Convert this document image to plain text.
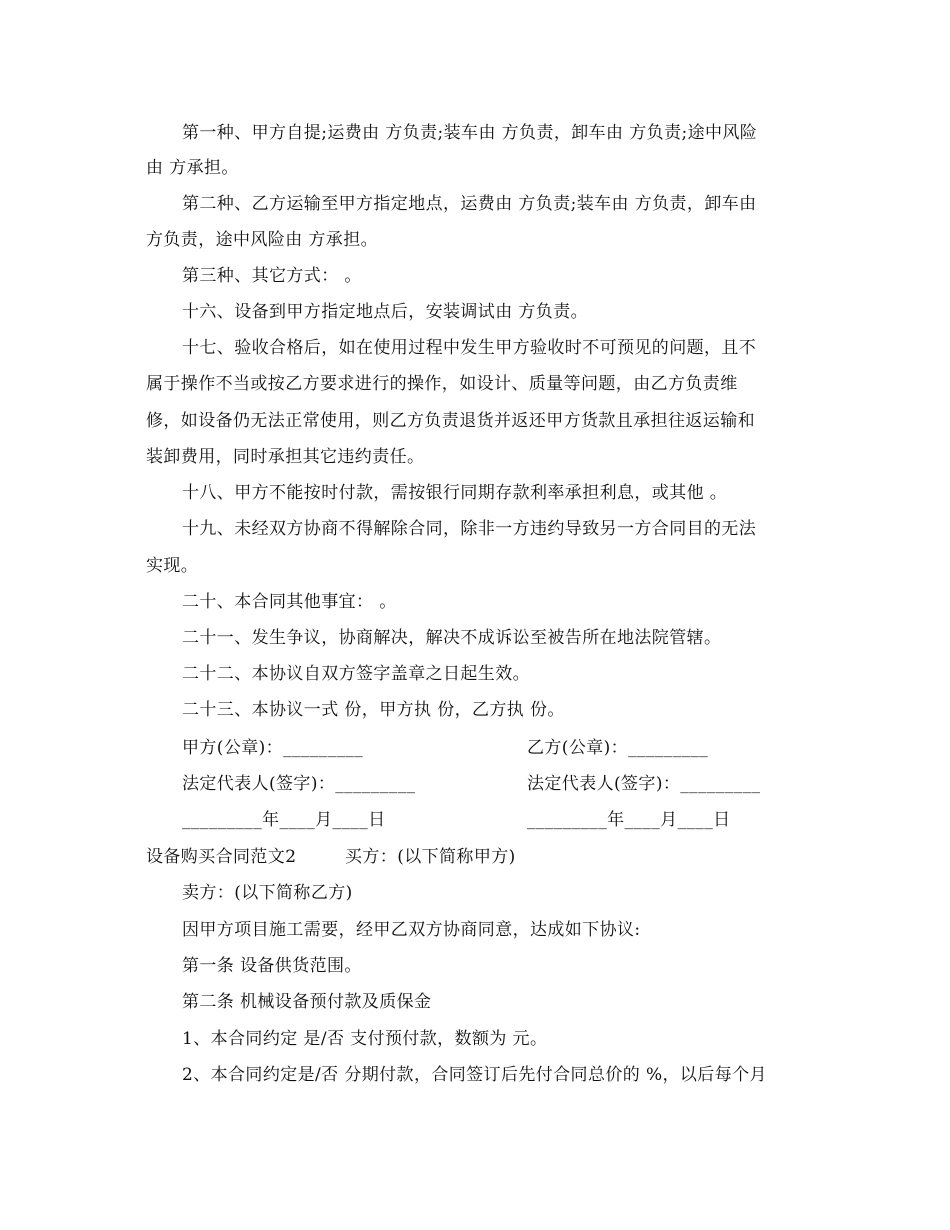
第一种、甲方自提;运费由 方负责;装车由 方负责，卸车由 方负责;途中风险
由 方承担。
第二种、乙方运输至甲方指定地点，运费由 方负责;装车由 方负责，卸车由
方负责，途中风险由 方承担。
第三种、其它方式： 。
十六、设备到甲方指定地点后，安装调试由 方负责。
十七、验收合格后，如在使用过程中发生甲方验收时不可预见的问题，且不
属于操作不当或按乙方要求进行的操作，如设计、质量等问题，由乙方负责维
修，如设备仍无法正常使用，则乙方负责退货并返还甲方货款且承担往返运输和
装卸费用，同时承担其它违约责任。
十八、甲方不能按时付款，需按银行同期存款利率承担利息，或其他 。
十九、未经双方协商不得解除合同，除非一方违约导致另一方合同目的无法
实现。
二十、本合同其他事宜： 。
二十一、发生争议，协商解决，解决不成诉讼至被告所在地法院管辖。
二十二、本协议自双方签字盖章之日起生效。
二十三、本协议一式 份，甲方执 份，乙方执 份。
甲方(公章)：_________	乙方(公章)：_________
法定代表人(签字)：_________	法定代表人(签字)：_________
_________年____月____日	_________年____月____日
设备购买合同范文2	买方：(以下简称甲方)
卖方：(以下简称乙方)
因甲方项目施工需要，经甲乙双方协商同意，达成如下协议:
第一条 设备供货范围。
第二条 机械设备预付款及质保金
1、本合同约定 是/否 支付预付款，数额为 元。
2、本合同约定是/否 分期付款，合同签订后先付合同总价的 %，以后每个月
